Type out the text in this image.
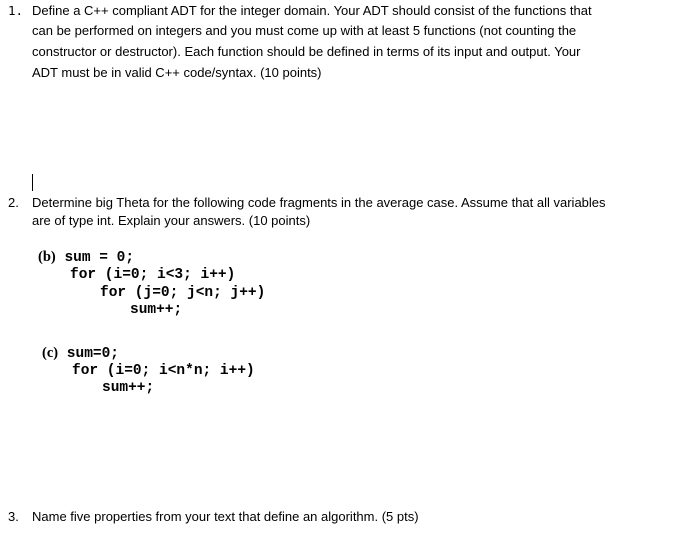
1. Define a C++ compliant ADT for the integer domain. Your ADT should consist of the functions that
can be performed on integers and you must come up with at least 5 functions (not counting the
constructor or destructor). Each function should be defined in terms of its input and output. Your
ADT must be in valid C++ code/syntax. (10 points)
2. Determine big Theta for the following code fragments in the average case. Assume that all variables
are of type int. Explain your answers. (10 points)
(b) sum = 0;
for (i=0; i<3; i++)
for (j=0; j<n; j++)
sum++;
(c) sum=0;
for (i=0; i<n*n; i++)
sum++;
3. Name five properties from your text that define an algorithm. (5 pts)
